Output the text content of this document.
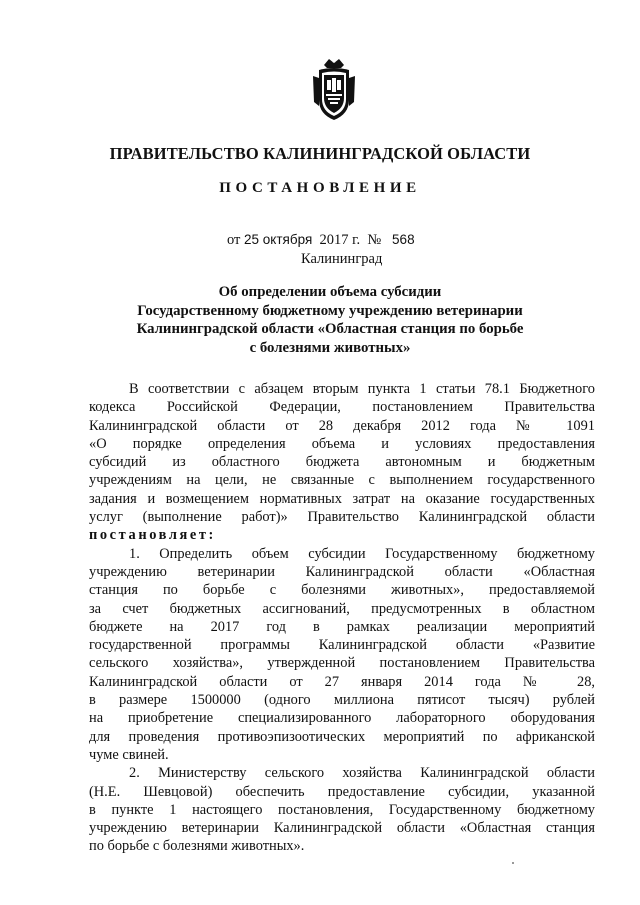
ПРАВИТЕЛЬСТВО КАЛИНИНГРАДСКОЙ ОБЛАСТИ
ПОСТАНОВЛЕНИЕ
от 25 октября 2017 г. № 568
Калининград
Об определении объема субсидии
Государственному бюджетному учреждению ветеринарии
Калининградской области «Областная станция по борьбе
с болезнями животных»
В соответствии с абзацем вторым пункта 1 статьи 78.1 Бюджетного
кодекса Российской Федерации, постановлением Правительства
Калининградской области от 28 декабря 2012 года № 1091
«О порядке определения объема и условиях предоставления
субсидий из областного бюджета автономным и бюджетным
учреждениям на цели, не связанные с выполнением государственного
задания и возмещением нормативных затрат на оказание государственных
услуг (выполнение работ)» Правительство Калининградской области
постановляет:
1. Определить объем субсидии Государственному бюджетному
учреждению ветеринарии Калининградской области «Областная
станция по борьбе с болезнями животных», предоставляемой
за счет бюджетных ассигнований, предусмотренных в областном
бюджете на 2017 год в рамках реализации мероприятий
государственной программы Калининградской области «Развитие
сельского хозяйства», утвержденной постановлением Правительства
Калининградской области от 27 января 2014 года № 28,
в размере 1500000 (одного миллиона пятисот тысяч) рублей
на приобретение специализированного лабораторного оборудования
для проведения противоэпизоотических мероприятий по африканской
чуме свиней.
2. Министерству сельского хозяйства Калининградской области
(Н.Е. Шевцовой) обеспечить предоставление субсидии, указанной
в пункте 1 настоящего постановления, Государственному бюджетному
учреждению ветеринарии Калининградской области «Областная станция
по борьбе с болезнями животных».
